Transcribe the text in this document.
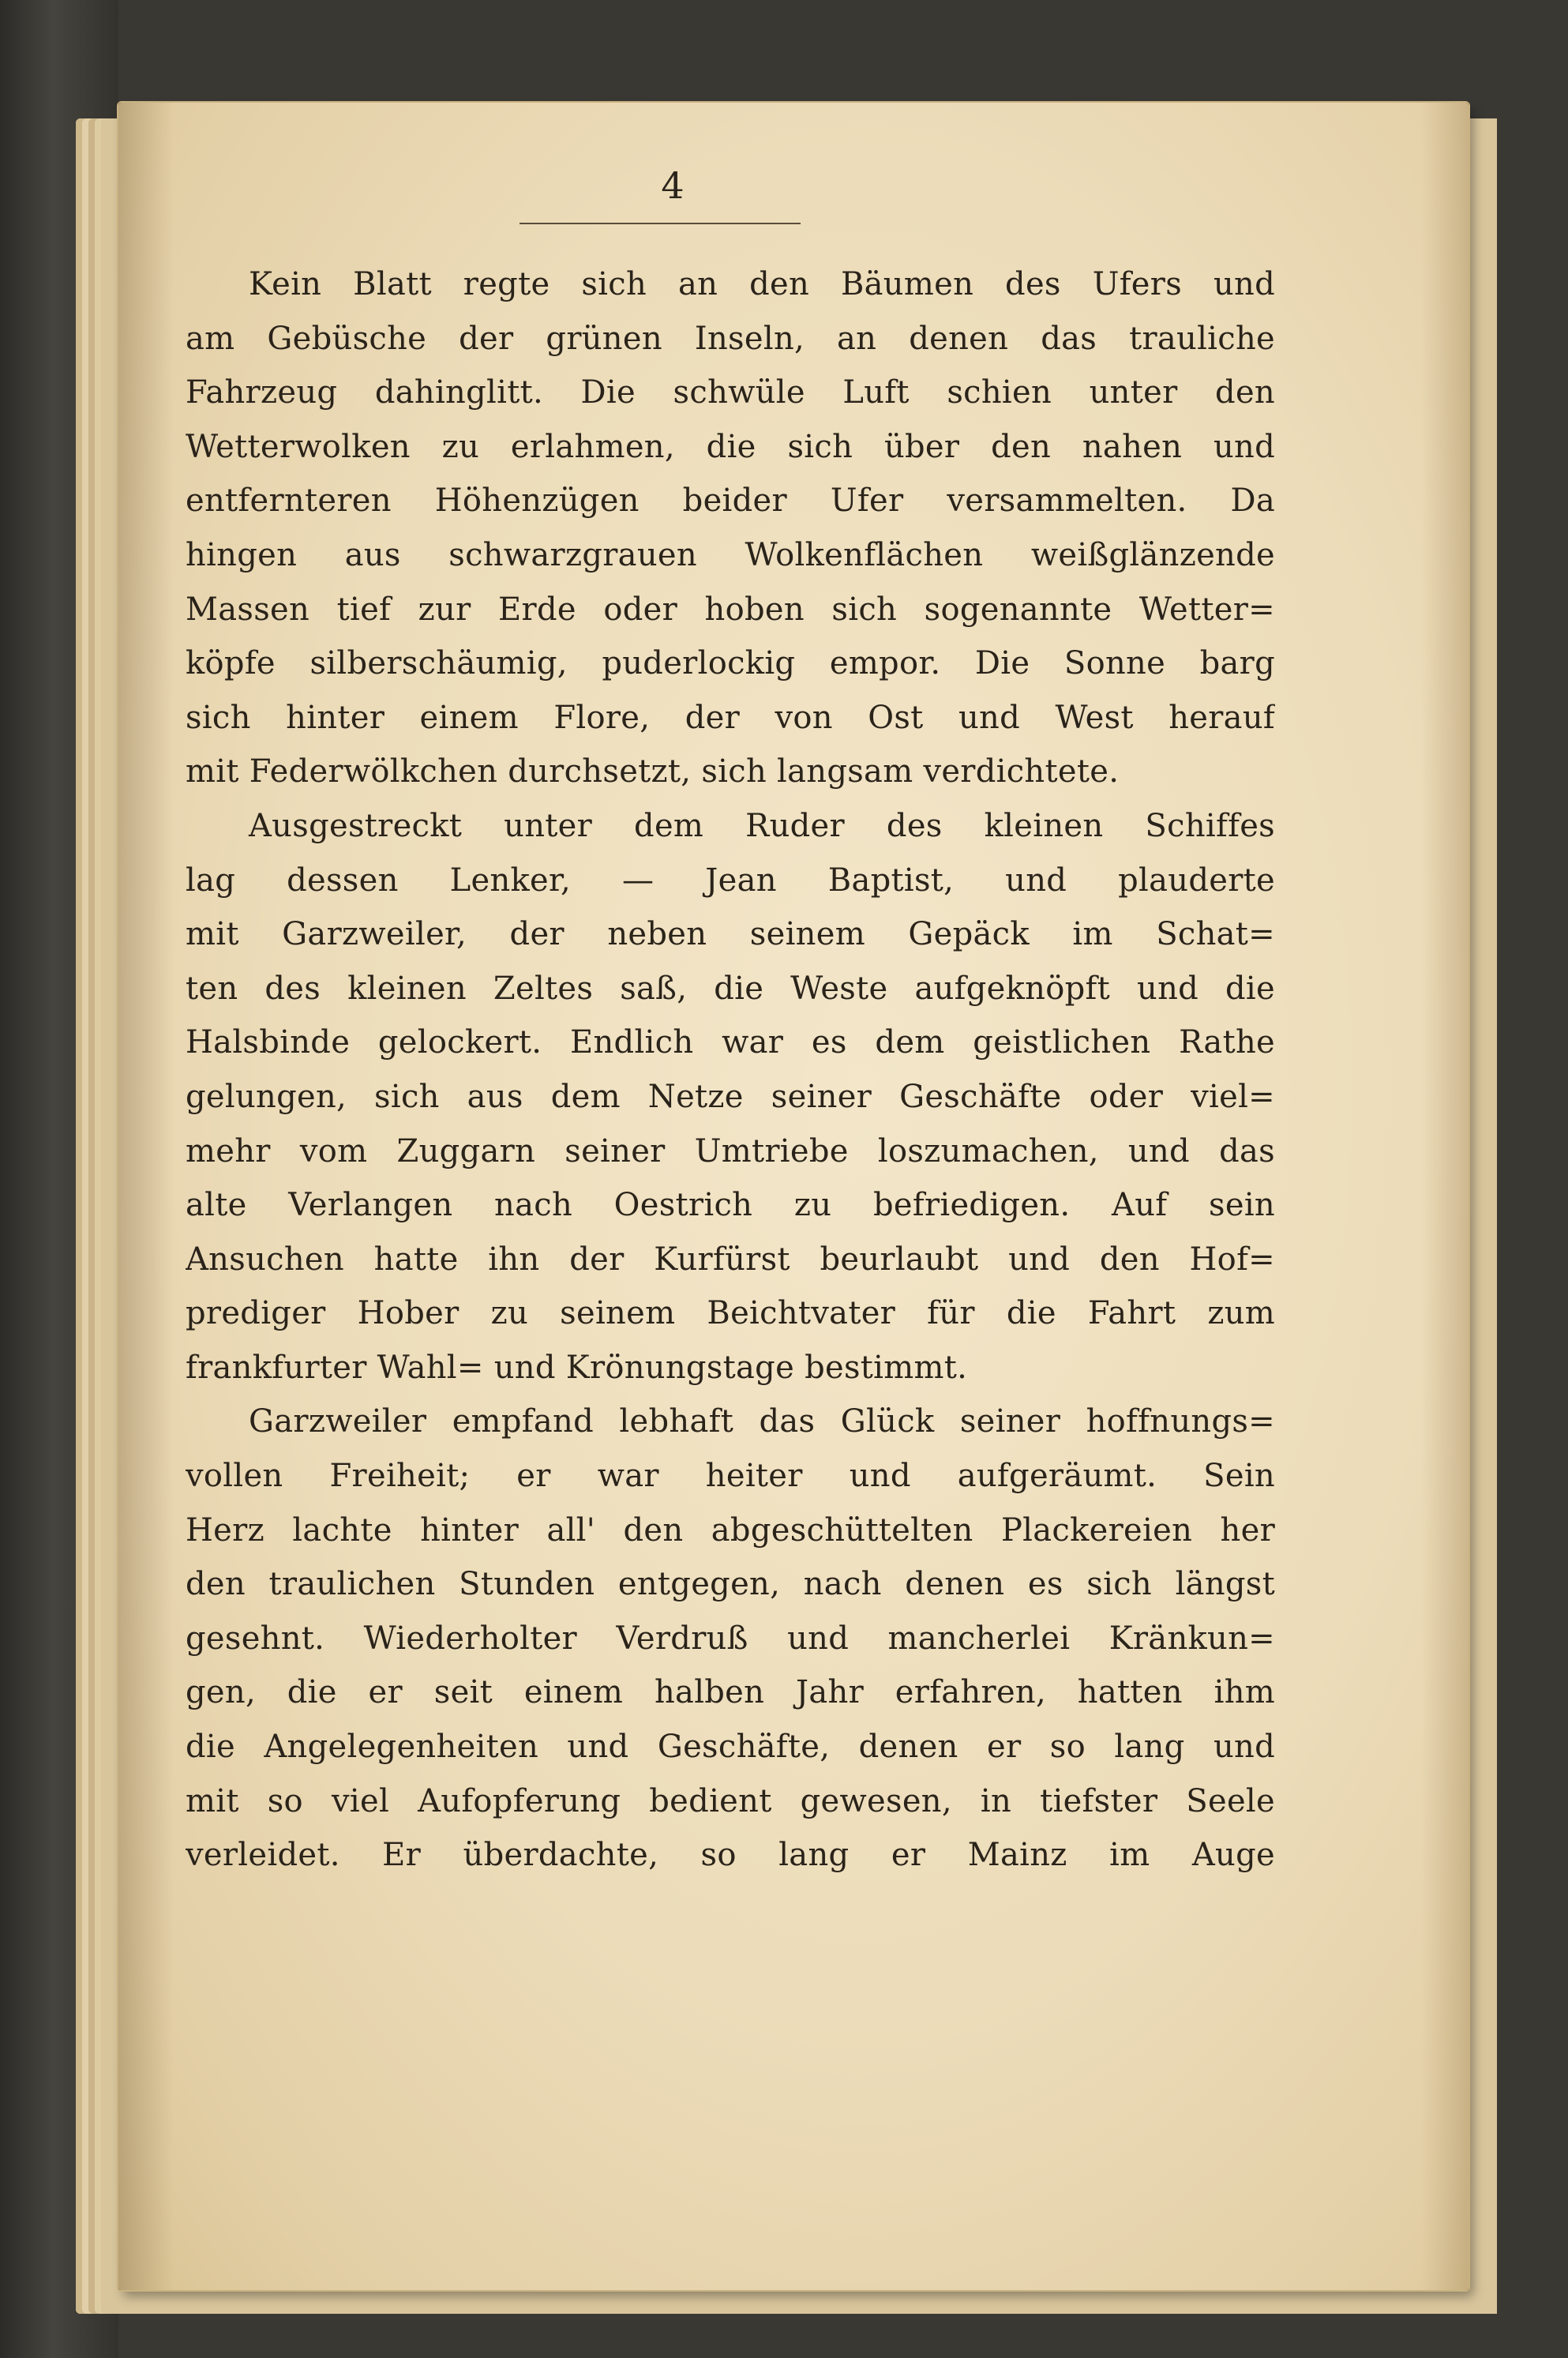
4
Kein Blatt regte sich an den Bäumen des Ufers und
am Gebüsche der grünen Inseln, an denen das trauliche
Fahrzeug dahinglitt. Die schwüle Luft schien unter den
Wetterwolken zu erlahmen, die sich über den nahen und
entfernteren Höhenzügen beider Ufer versammelten. Da
hingen aus schwarzgrauen Wolkenflächen weißglänzende
Massen tief zur Erde oder hoben sich sogenannte Wetter=
köpfe silberschäumig, puderlockig empor. Die Sonne barg
sich hinter einem Flore, der von Ost und West herauf
mit Federwölkchen durchsetzt, sich langsam verdichtete.
Ausgestreckt unter dem Ruder des kleinen Schiffes
lag dessen Lenker, — Jean Baptist, und plauderte
mit Garzweiler, der neben seinem Gepäck im Schat=
ten des kleinen Zeltes saß, die Weste aufgeknöpft und die
Halsbinde gelockert. Endlich war es dem geistlichen Rathe
gelungen, sich aus dem Netze seiner Geschäfte oder viel=
mehr vom Zuggarn seiner Umtriebe loszumachen, und das
alte Verlangen nach Oestrich zu befriedigen. Auf sein
Ansuchen hatte ihn der Kurfürst beurlaubt und den Hof=
prediger Hober zu seinem Beichtvater für die Fahrt zum
frankfurter Wahl= und Krönungstage bestimmt.
Garzweiler empfand lebhaft das Glück seiner hoffnungs=
vollen Freiheit; er war heiter und aufgeräumt. Sein
Herz lachte hinter all' den abgeschüttelten Plackereien her
den traulichen Stunden entgegen, nach denen es sich längst
gesehnt. Wiederholter Verdruß und mancherlei Kränkun=
gen, die er seit einem halben Jahr erfahren, hatten ihm
die Angelegenheiten und Geschäfte, denen er so lang und
mit so viel Aufopferung bedient gewesen, in tiefster Seele
verleidet. Er überdachte, so lang er Mainz im Auge
